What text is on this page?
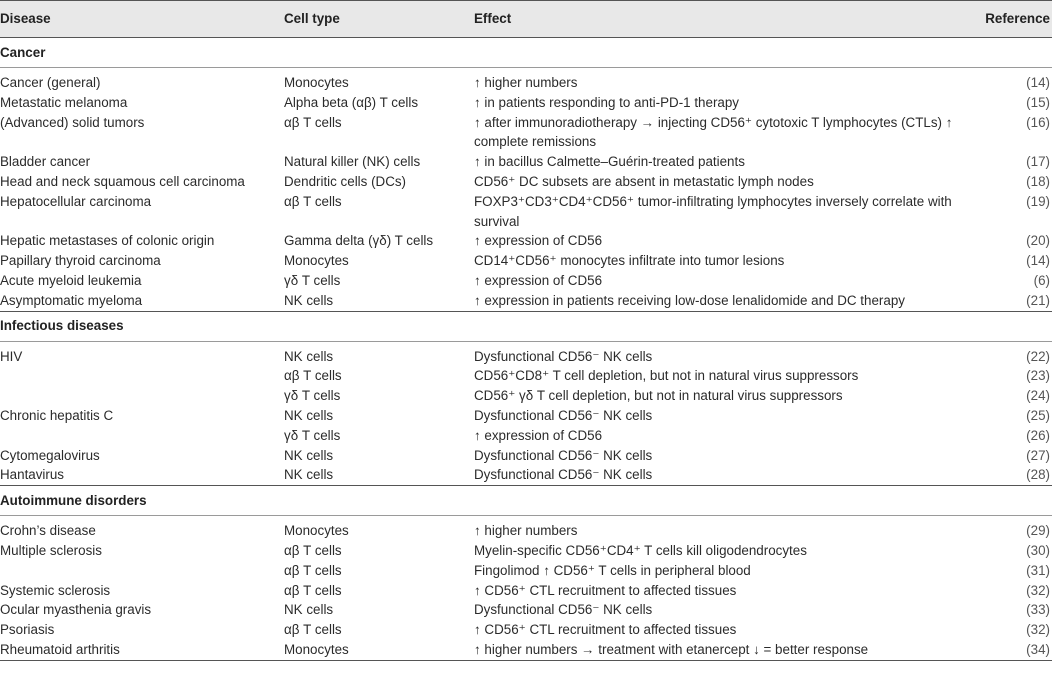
Disease	Cell type	Effect	Reference
Cancer			

Cancer (general)	Monocytes	↑ higher numbers	(14)
Metastatic melanoma	Alpha beta (αβ) T cells	↑ in patients responding to anti-PD-1 therapy	(15)
(Advanced) solid tumors	αβ T cells	↑ after immunoradiotherapy → injecting CD56⁺ cytotoxic T lymphocytes (CTLs) ↑ complete remissions	(16)
Bladder cancer	Natural killer (NK) cells	↑ in bacillus Calmette–Guérin-treated patients	(17)
Head and neck squamous cell carcinoma	Dendritic cells (DCs)	CD56⁺ DC subsets are absent in metastatic lymph nodes	(18)
Hepatocellular carcinoma	αβ T cells	FOXP3⁺CD3⁺CD4⁺CD56⁺ tumor-infiltrating lymphocytes inversely correlate with survival	(19)
Hepatic metastases of colonic origin	Gamma delta (γδ) T cells	↑ expression of CD56	(20)
Papillary thyroid carcinoma	Monocytes	CD14⁺CD56⁺ monocytes infiltrate into tumor lesions	(14)
Acute myeloid leukemia	γδ T cells	↑ expression of CD56	(6)
Asymptomatic myeloma	NK cells	↑ expression in patients receiving low-dose lenalidomide and DC therapy	(21)

Infectious diseases			

HIV	NK cells	Dysfunctional CD56⁻ NK cells	(22)
	αβ T cells	CD56⁺CD8⁺ T cell depletion, but not in natural virus suppressors	(23)
	γδ T cells	CD56⁺ γδ T cell depletion, but not in natural virus suppressors	(24)
Chronic hepatitis C	NK cells	Dysfunctional CD56⁻ NK cells	(25)
	γδ T cells	↑ expression of CD56	(26)
Cytomegalovirus	NK cells	Dysfunctional CD56⁻ NK cells	(27)
Hantavirus	NK cells	Dysfunctional CD56⁻ NK cells	(28)

Autoimmune disorders			

Crohn’s disease	Monocytes	↑ higher numbers	(29)
Multiple sclerosis	αβ T cells	Myelin-specific CD56⁺CD4⁺ T cells kill oligodendrocytes	(30)
	αβ T cells	Fingolimod ↑ CD56⁺ T cells in peripheral blood	(31)
Systemic sclerosis	αβ T cells	↑ CD56⁺ CTL recruitment to affected tissues	(32)
Ocular myasthenia gravis	NK cells	Dysfunctional CD56⁻ NK cells	(33)
Psoriasis	αβ T cells	↑ CD56⁺ CTL recruitment to affected tissues	(32)
Rheumatoid arthritis	Monocytes	↑ higher numbers → treatment with etanercept ↓ = better response	(34)
